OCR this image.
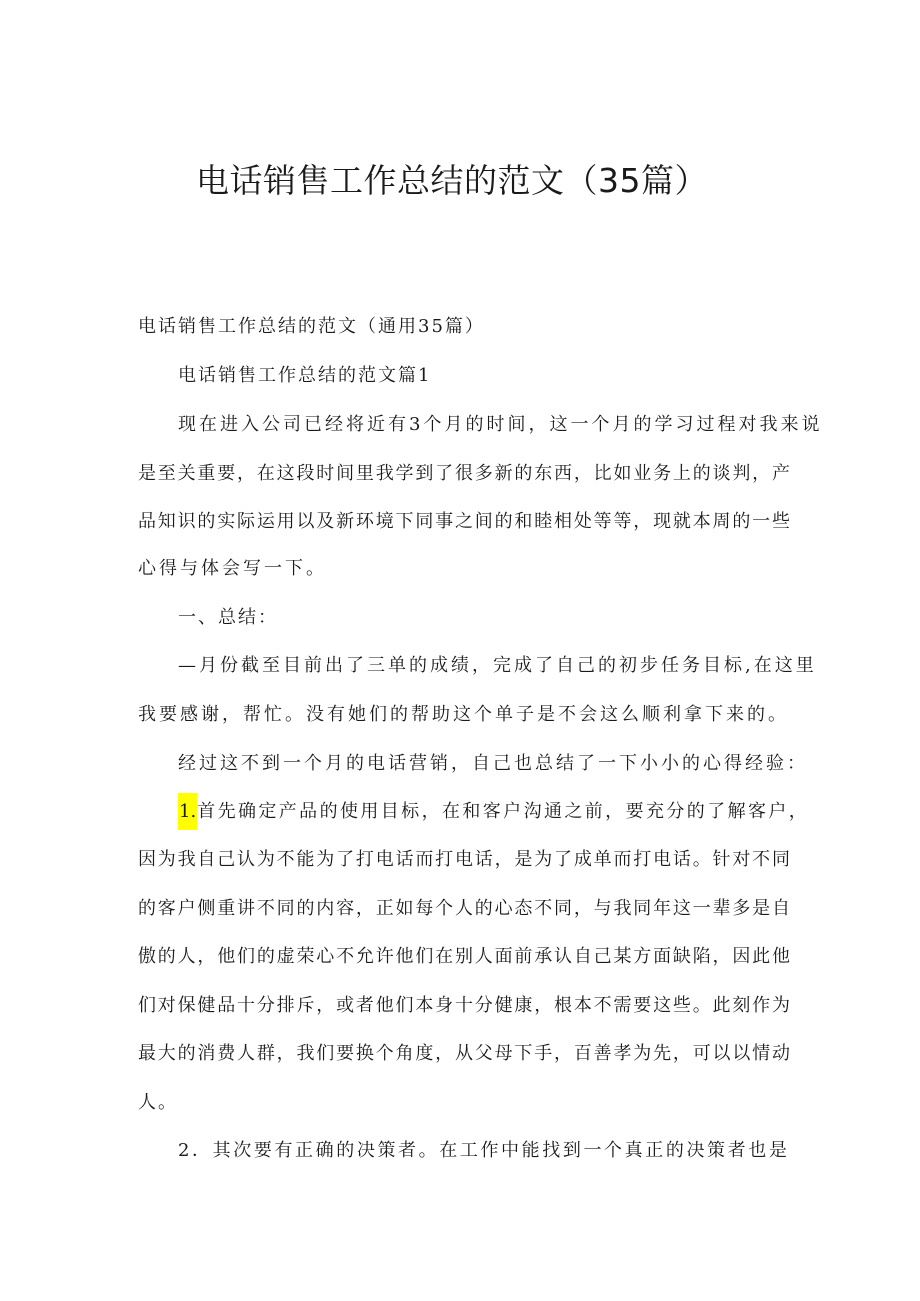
电话销售工作总结的范文（35篇）
电话销售工作总结的范文（通用35篇）
电话销售工作总结的范文篇1
现在进入公司已经将近有3个月的时间，这一个月的学习过程对我来说
是至关重要，在这段时间里我学到了很多新的东西，比如业务上的谈判，产
品知识的实际运用以及新环境下同事之间的和睦相处等等，现就本周的一些
心得与体会写一下。
一、总结：
—月份截至目前出了三单的成绩，完成了自己的初步任务目标,在这里
我要感谢，帮忙。没有她们的帮助这个单子是不会这么顺利拿下来的。
经过这不到一个月的电话营销，自己也总结了一下小小的心得经验：
1.首先确定产品的使用目标，在和客户沟通之前，要充分的了解客户，
因为我自己认为不能为了打电话而打电话，是为了成单而打电话。针对不同
的客户侧重讲不同的内容，正如每个人的心态不同，与我同年这一辈多是自
傲的人，他们的虚荣心不允许他们在别人面前承认自己某方面缺陷，因此他
们对保健品十分排斥，或者他们本身十分健康，根本不需要这些。此刻作为
最大的消费人群，我们要换个角度，从父母下手，百善孝为先，可以以情动
人。
2．其次要有正确的决策者。在工作中能找到一个真正的决策者也是
